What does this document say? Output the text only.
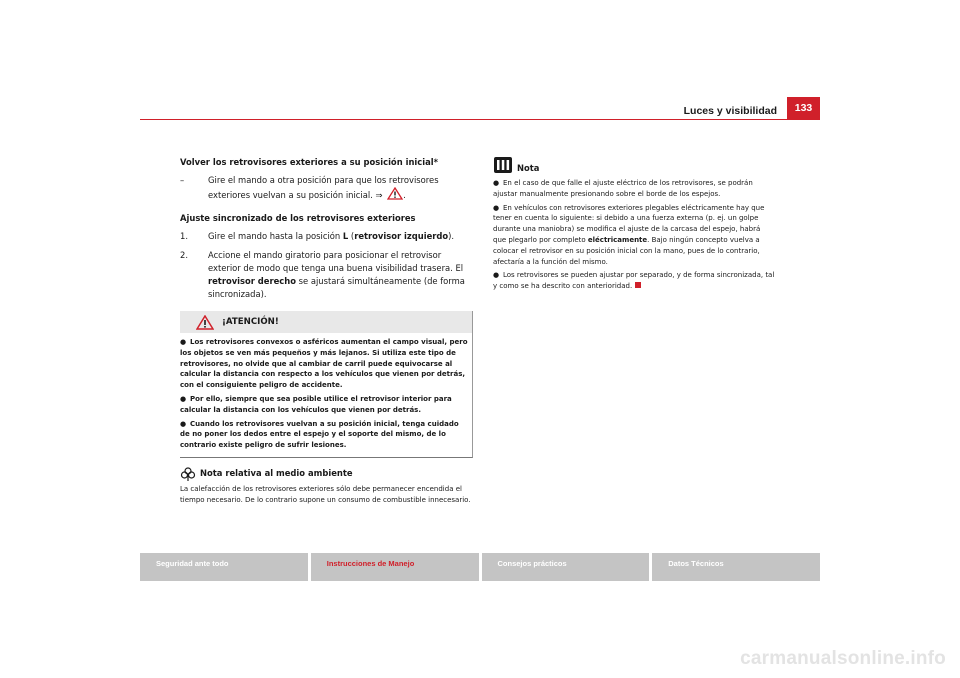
Luces y visibilidad	133

Volver los retrovisores exteriores a su posición inicial*

–	Gire el mando a otra posición para que los retrovisores exteriores vuelvan a su posición inicial. ⇒ .

Ajuste sincronizado de los retrovisores exteriores

1. Gire el mando hasta la posición L (retrovisor izquierdo).
2. Accione el mando giratorio para posicionar el retrovisor exterior de modo que tenga una buena visibilidad trasera. El retrovisor derecho se ajustará simultáneamente (de forma sincronizada).
¡ATENCIÓN!

● Los retrovisores convexos o asféricos aumentan el campo visual, pero los objetos se ven más pequeños y más lejanos. Si utiliza este tipo de retrovisores, no olvide que al cambiar de carril puede equivocarse al calcular la distancia con respecto a los vehículos que vienen por detrás, con el consiguiente peligro de accidente.

● Por ello, siempre que sea posible utilice el retrovisor interior para calcular la distancia con los vehículos que vienen por detrás.

● Cuando los retrovisores vuelvan a su posición inicial, tenga cuidado de no poner los dedos entre el espejo y el soporte del mismo, de lo contrario existe peligro de sufrir lesiones.

Nota relativa al medio ambiente

La calefacción de los retrovisores exteriores sólo debe permanecer encendida el tiempo necesario. De lo contrario supone un consumo de combustible innecesario.

Nota

● En el caso de que falle el ajuste eléctrico de los retrovisores, se podrán ajustar manualmente presionando sobre el borde de los espejos.

● En vehículos con retrovisores exteriores plegables eléctricamente hay que tener en cuenta lo siguiente: si debido a una fuerza externa (p. ej. un golpe durante una maniobra) se modifica el ajuste de la carcasa del espejo, habrá que plegarlo por completo eléctricamente. Bajo ningún concepto vuelva a colocar el retrovisor en su posición inicial con la mano, pues de lo contrario, afectaría a la función del mismo.

● Los retrovisores se pueden ajustar por separado, y de forma sincronizada, tal y como se ha descrito con anterioridad.

Seguridad ante todo	Instrucciones de Manejo	Consejos prácticos	Datos Técnicos
carmanualsonline.info
